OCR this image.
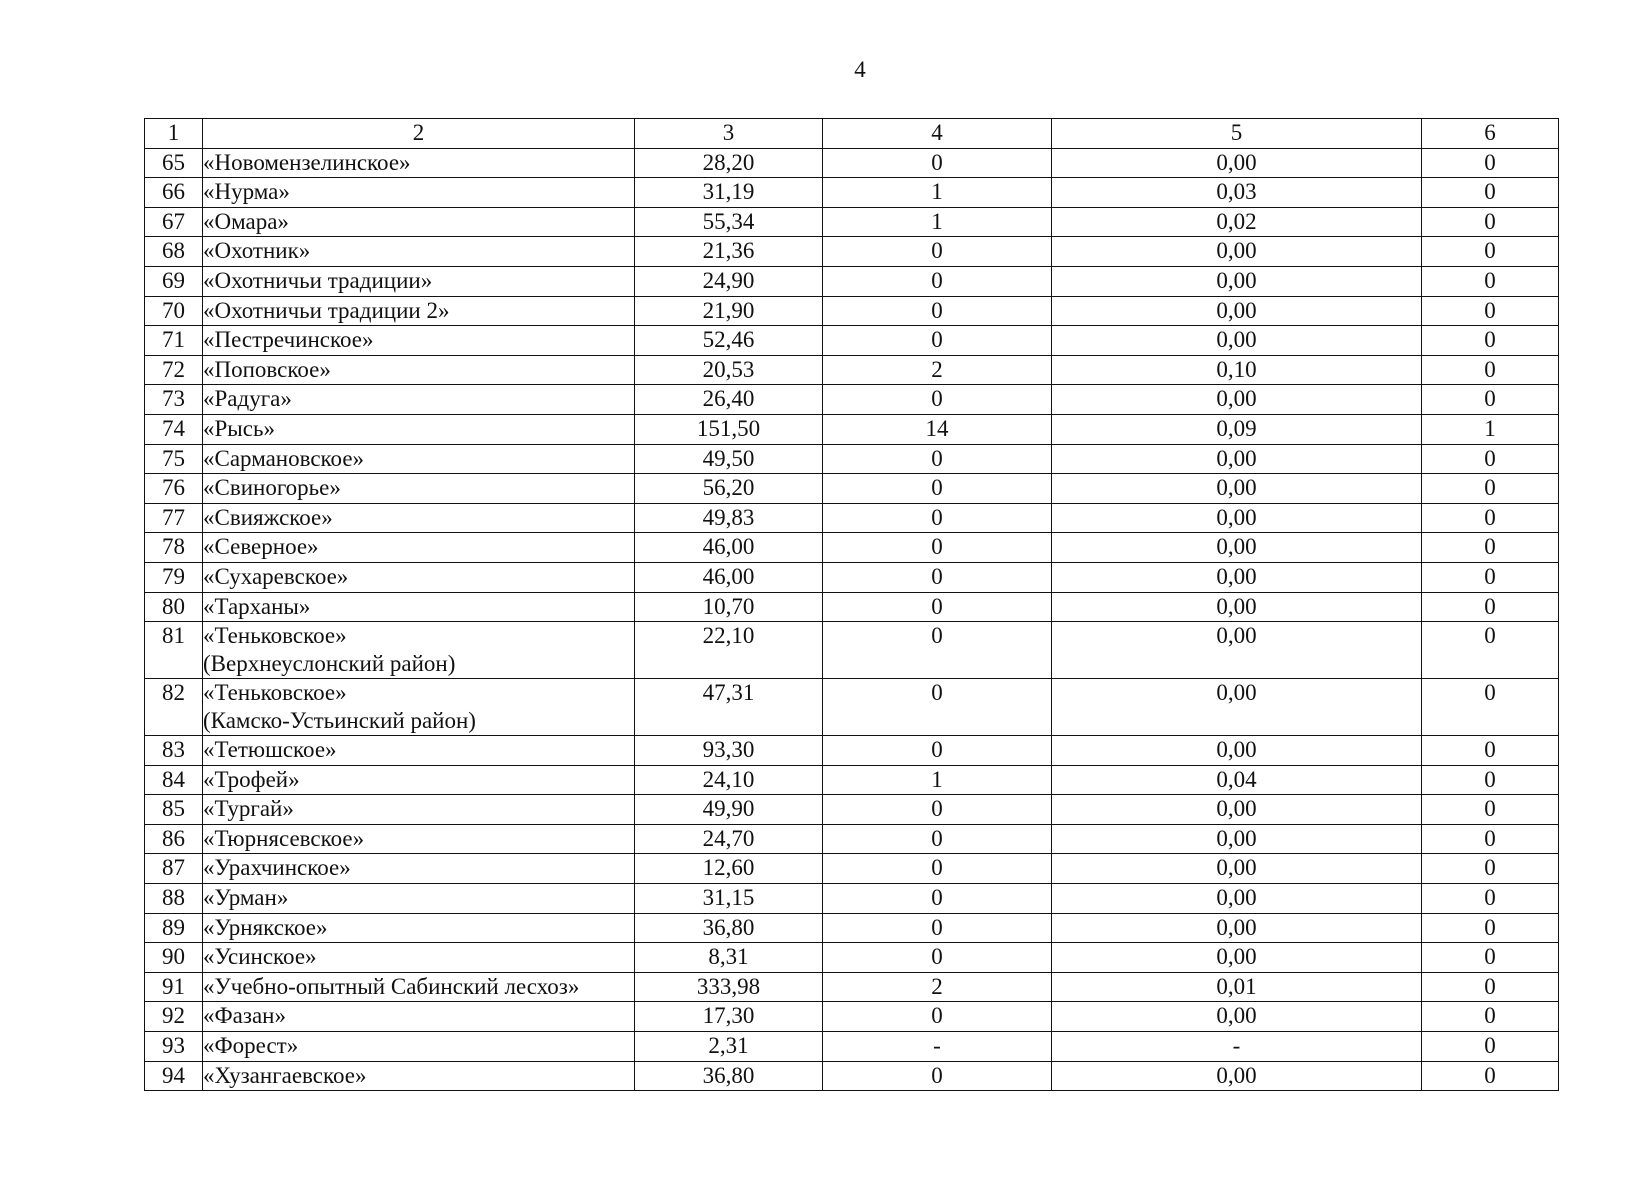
4
1	2	3	4	5	6
65	«Новомензелинское»	28,20	0	0,00	0
66	«Нурма»	31,19	1	0,03	0
67	«Омара»	55,34	1	0,02	0
68	«Охотник»	21,36	0	0,00	0
69	«Охотничьи традиции»	24,90	0	0,00	0
70	«Охотничьи традиции 2»	21,90	0	0,00	0
71	«Пестречинское»	52,46	0	0,00	0
72	«Поповское»	20,53	2	0,10	0
73	«Радуга»	26,40	0	0,00	0
74	«Рысь»	151,50	14	0,09	1
75	«Сармановское»	49,50	0	0,00	0
76	«Свиногорье»	56,20	0	0,00	0
77	«Свияжское»	49,83	0	0,00	0
78	«Северное»	46,00	0	0,00	0
79	«Сухаревское»	46,00	0	0,00	0
80	«Тарханы»	10,70	0	0,00	0
81	«Теньковское»
(Верхнеуслонский район)	22,10	0	0,00	0
82	«Теньковское»
(Камско-Устьинский район)	47,31	0	0,00	0
83	«Тетюшское»	93,30	0	0,00	0
84	«Трофей»	24,10	1	0,04	0
85	«Тургай»	49,90	0	0,00	0
86	«Тюрнясевское»	24,70	0	0,00	0
87	«Урахчинское»	12,60	0	0,00	0
88	«Урман»	31,15	0	0,00	0
89	«Урнякское»	36,80	0	0,00	0
90	«Усинское»	8,31	0	0,00	0
91	«Учебно-опытный Сабинский лесхоз»	333,98	2	0,01	0
92	«Фазан»	17,30	0	0,00	0
93	«Форест»	2,31	-	-	0
94	«Хузангаевское»	36,80	0	0,00	0
